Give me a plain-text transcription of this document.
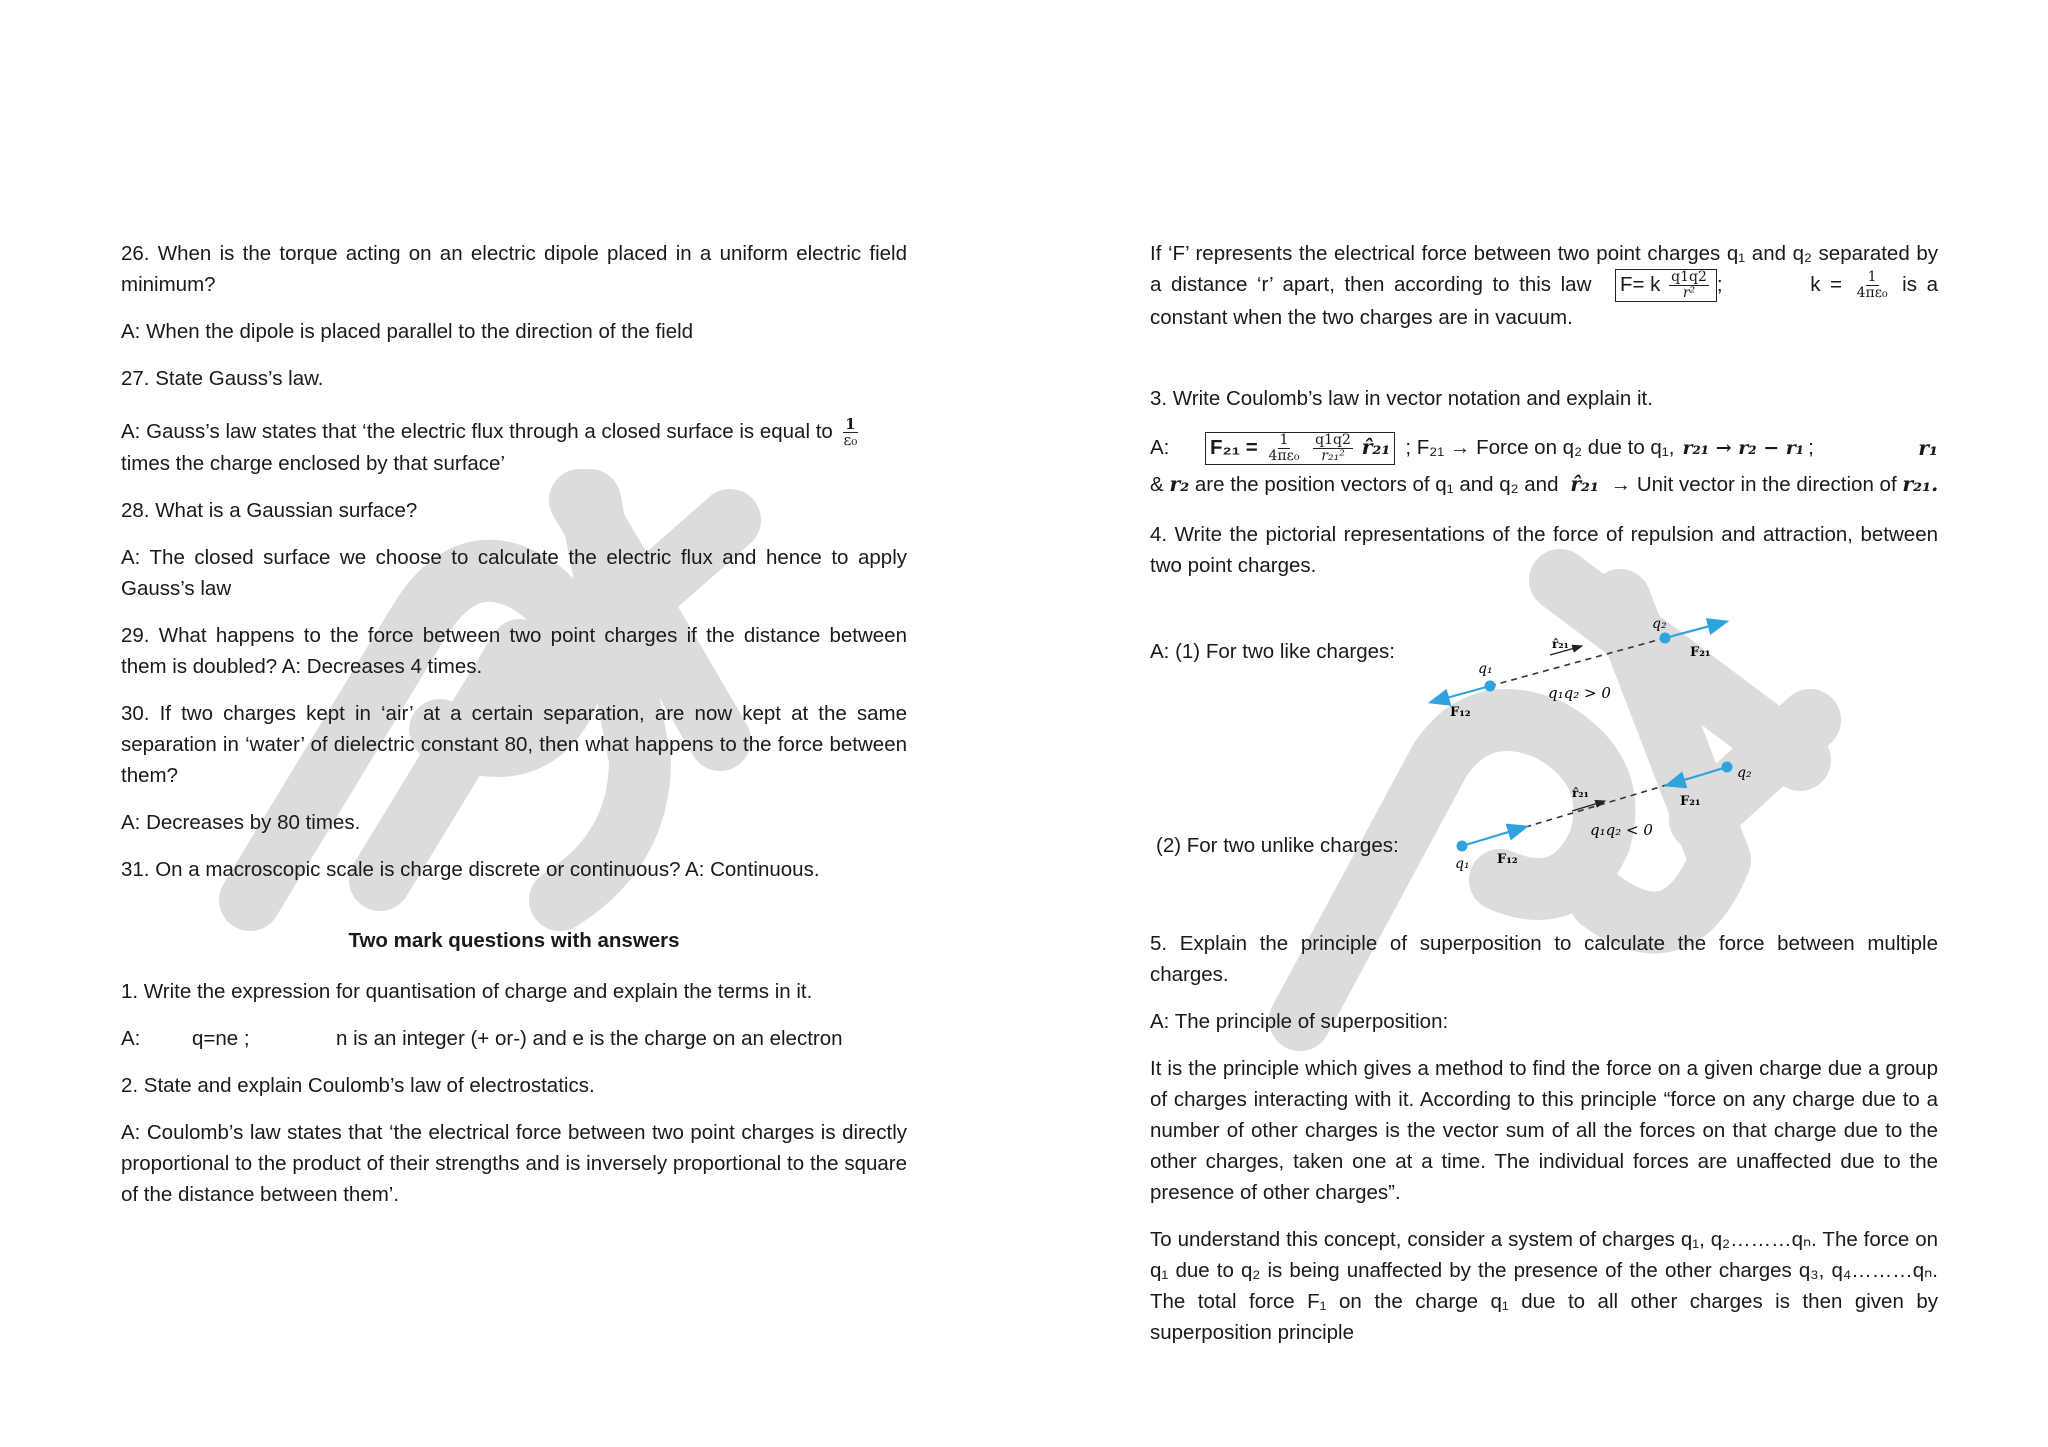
26. When is the torque acting on an electric dipole placed in a uniform electric field minimum?

A: When the dipole is placed parallel to the direction of the field

27. State Gauss’s law.

A: Gauss’s law states that ‘the electric flux through a closed surface is equal to $\frac{1}{\text{ε₀}}$
times the charge enclosed by that surface’

28. What is a Gaussian surface?

A: The closed surface we choose to calculate the electric flux and hence to apply Gauss’s law

29. What happens to the force between two point charges if the distance between them is doubled? A: Decreases 4 times.

30. If two charges kept in ‘air’ at a certain separation, are now kept at the same separation in ‘water’ of dielectric constant 80, then what happens to the force between them?

A: Decreases by 80 times.

31. On a macroscopic scale is charge discrete or continuous? A: Continuous.

Two mark questions with answers

1. Write the expression for quantisation of charge and explain the terms in it.

A:	q=ne ;	n is an integer (+ or-) and e is the charge on an electron

2. State and explain Coulomb’s law of electrostatics.

A: Coulomb’s law states that ‘the electrical force between two point charges is directly proportional to the product of their strengths and is inversely proportional to the square of the distance between them’.

If ‘F’ represents the electrical force between two point charges q₁ and q₂ separated by a distance ‘r’ apart, then according to this law F= k $\frac{q1q2}{\text{r²}}$ ;	$k = \frac{1}{\text{4πε₀}}$ is a constant when the two charges are in vacuum.

3. Write Coulomb’s law in vector notation and explain it.

A:	$F_{21} = \frac{1}{\text{4πε₀}}$
$\frac{q1q2}{\text{r₂₁²}}$ r̂₂₁ ; F₂₁ → Force on q₂ due to q₁, r₂₁ → r₂ − r₁ ;	r₁
& r₂ are the position vectors of q₁ and q₂ and r̂₂₁ → Unit vector in the direction of r₂₁.

4. Write the pictorial representations of the force of repulsion and attraction, between two point charges.

A: (1) For two like charges:
(2) For two unlike charges:
q₁
q₂
F₁₂
F₂₁
r̂₂₁
q₁q₂ > 0
q₁
q₂
F₁₂
F₂₁
r̂₂₁
q₁q₂ < 0

5. Explain the principle of superposition to calculate the force between multiple charges.

A: The principle of superposition:

It is the principle which gives a method to find the force on a given charge due a group of charges interacting with it. According to this principle “force on any charge due to a number of other charges is the vector sum of all the forces on that charge due to the other charges, taken one at a time. The individual forces are unaffected due to the presence of other charges”.

To understand this concept, consider a system of charges q₁, q₂………qₙ. The force on q₁ due to q₂ is being unaffected by the presence of the other charges q₃, q₄………qₙ. The total force F₁ on the charge q₁ due to all other charges is then given by superposition principle
